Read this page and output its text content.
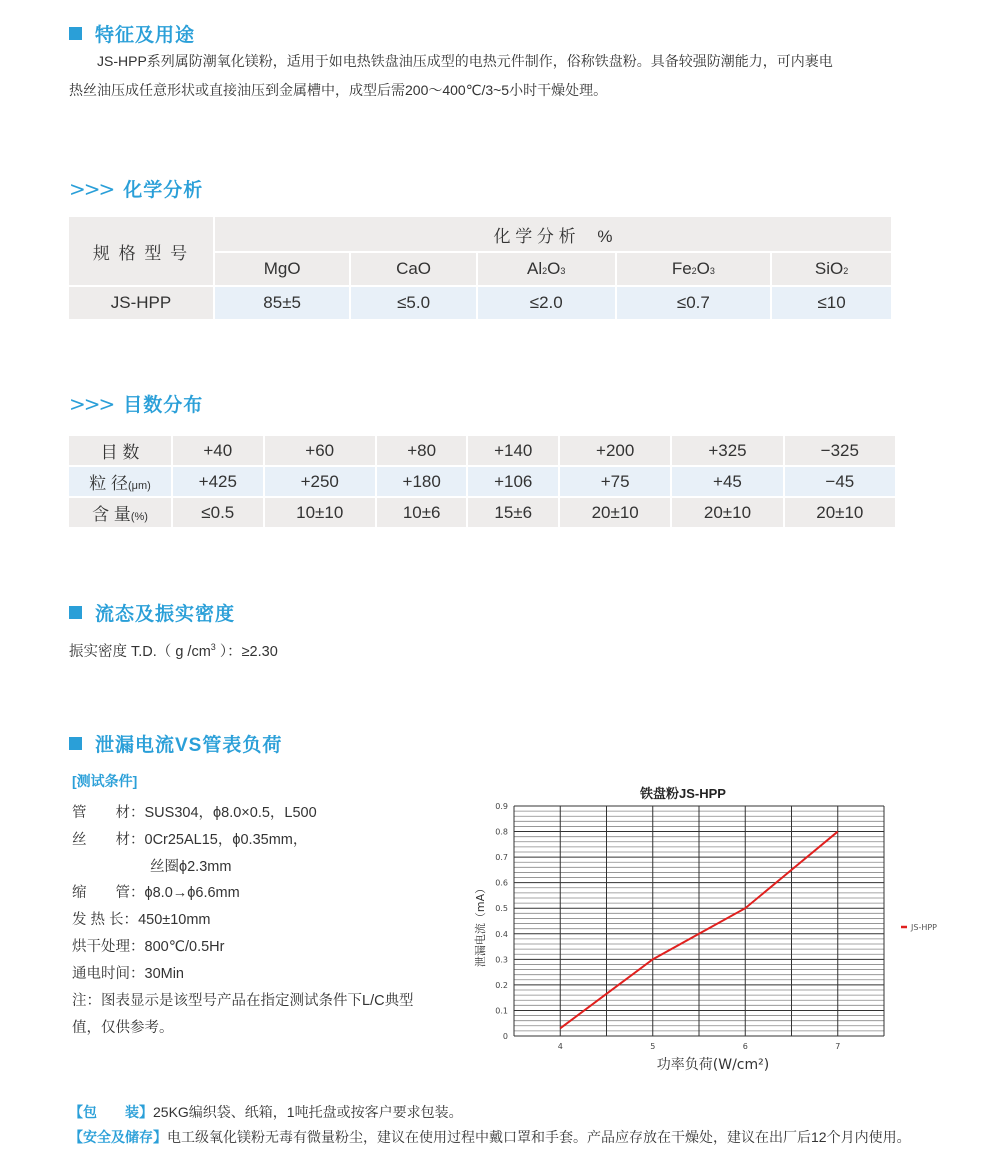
特征及用途
JS-HPP系列属防潮氧化镁粉，适用于如电热铁盘油压成型的电热元件制作，俗称铁盘粉。具备较强防潮能力，可内裹电
热丝油压成任意形状或直接油压到金属槽中，成型后需200～400℃/3~5小时干燥处理。
>>> 化学分析
规 格 型 号	化 学 分 析　 %				
	MgO	CaO	Al2O3	Fe2O3	SiO2
JS-HPP	85±5	≤5.0	≤2.0	≤0.7	≤10
>>> 目数分布
目 数	+40	+60	+80	+140	+200	+325	−325
粒 径(μm)	+425	+250	+180	+106	+75	+45	−45
含 量(%)	≤0.5	10±10	10±6	15±6	20±10	20±10	20±10
流态及振实密度
振实密度 T.D.（ g $/cm^3$ ）：≥2.30
泄漏电流VS管表负荷
[测试条件]
管　　材：SUS304，ϕ8.0×0.5，L500
丝　　材：0Cr25AL15，ϕ0.35mm，
丝圈ϕ2.3mm
缩　　管：ϕ8.0→ϕ6.6mm
发 热 长：450±10mm
烘干处理：800℃/0.5Hr
通电时间：30Min
注：图表显示是该型号产品在指定测试条件下L/C典型
值，仅供参考。
铁盘粉JS-HPP
0
0.1
0.2
0.3
0.4
0.5
0.6
0.7
0.8
0.9
4	5	6	7
泄漏电流（mA）
功率负荷(W/cm²)
JS-HPP
【包　　装】25KG编织袋、纸箱，1吨托盘或按客户要求包装。
【安全及储存】电工级氧化镁粉无毒有微量粉尘，建议在使用过程中戴口罩和手套。产品应存放在干燥处，建议在出厂后12个月内使用。
